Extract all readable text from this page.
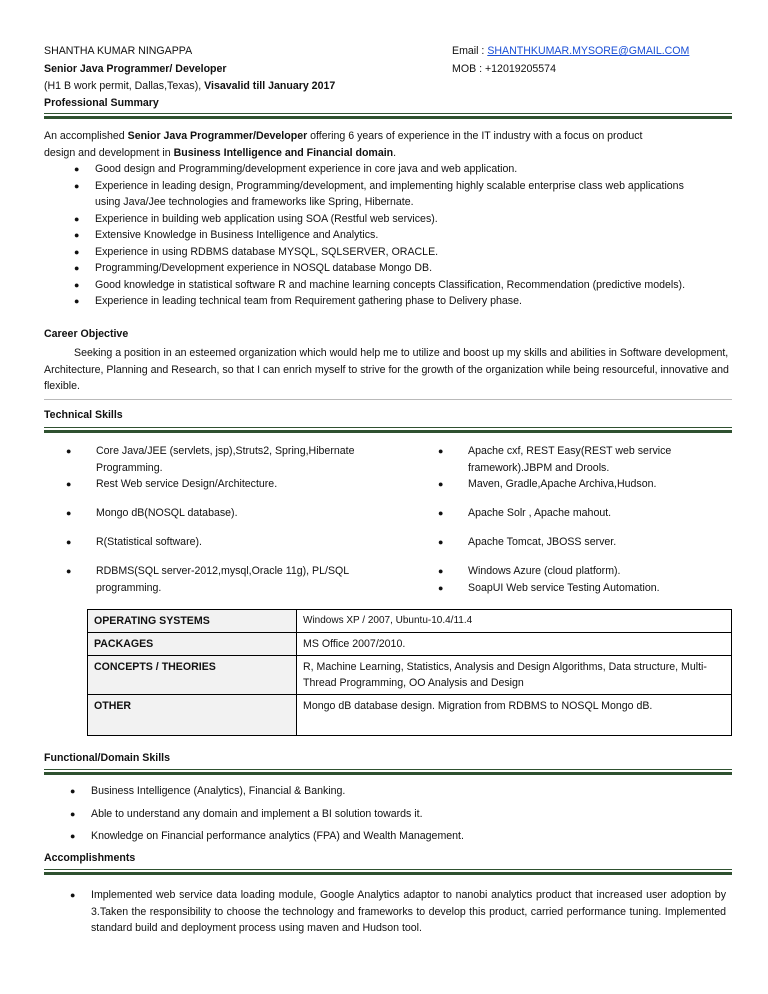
SHANTHA KUMAR NINGAPPA
Senior Java Programmer/ Developer
(H1 B work permit, Dallas,Texas), Visavalid till January 2017
Professional Summary
Email : SHANTHKUMAR.MYSORE@GMAIL.COM
MOB : +12019205574
An accomplished Senior Java Programmer/Developer offering 6 years of experience in the IT industry with a focus on product
design and development in Business Intelligence and Financial domain.
● Good design and Programming/development experience in core java and web application.
● Experience in leading design, Programming/development, and implementing highly scalable enterprise class web applications using Java/Jee technologies and frameworks like Spring, Hibernate.
● Experience in building web application using SOA (Restful web services).
● Extensive Knowledge in Business Intelligence and Analytics.
● Experience in using RDBMS database MYSQL, SQLSERVER, ORACLE.
● Programming/Development experience in NOSQL database Mongo DB.
● Good knowledge in statistical software R and machine learning concepts Classification, Recommendation (predictive models).
● Experience in leading technical team from Requirement gathering phase to Delivery phase.
Career Objective
Seeking a position in an esteemed organization which would help me to utilize and boost up my skills and abilities in Software development, Architecture, Planning and Research, so that I can enrich myself to strive for the growth of the organization while being resourceful, innovative and flexible.
Technical Skills
● Core Java/JEE (servlets, jsp),Struts2, Spring,Hibernate Programming.
● Rest Web service Design/Architecture.
● Mongo dB(NOSQL database).
● R(Statistical software).
● RDBMS(SQL server-2012,mysql,Oracle 11g), PL/SQL programming.
● Apache cxf, REST Easy(REST web service framework).JBPM and Drools.
● Maven, Gradle,Apache Archiva,Hudson.
● Apache Solr , Apache mahout.
● Apache Tomcat, JBOSS server.
● Windows Azure (cloud platform).
● SoapUI Web service Testing Automation.
OPERATING SYSTEMS	Windows XP / 2007, Ubuntu-10.4/11.4
PACKAGES	MS Office 2007/2010.
CONCEPTS / THEORIES	R, Machine Learning, Statistics, Analysis and Design Algorithms, Data structure, Multi-Thread Programming, OO Analysis and Design
OTHER	Mongo dB database design. Migration from RDBMS to NOSQL Mongo dB.
Functional/Domain Skills
● Business Intelligence (Analytics), Financial & Banking.
● Able to understand any domain and implement a BI solution towards it.
● Knowledge on Financial performance analytics (FPA) and Wealth Management.
Accomplishments
● Implemented web service data loading module, Google Analytics adaptor to nanobi analytics product that increased user adoption by 3.Taken the responsibility to choose the technology and frameworks to develop this product, carried performance tuning. Implemented standard build and deployment process using maven and Hudson tool.
